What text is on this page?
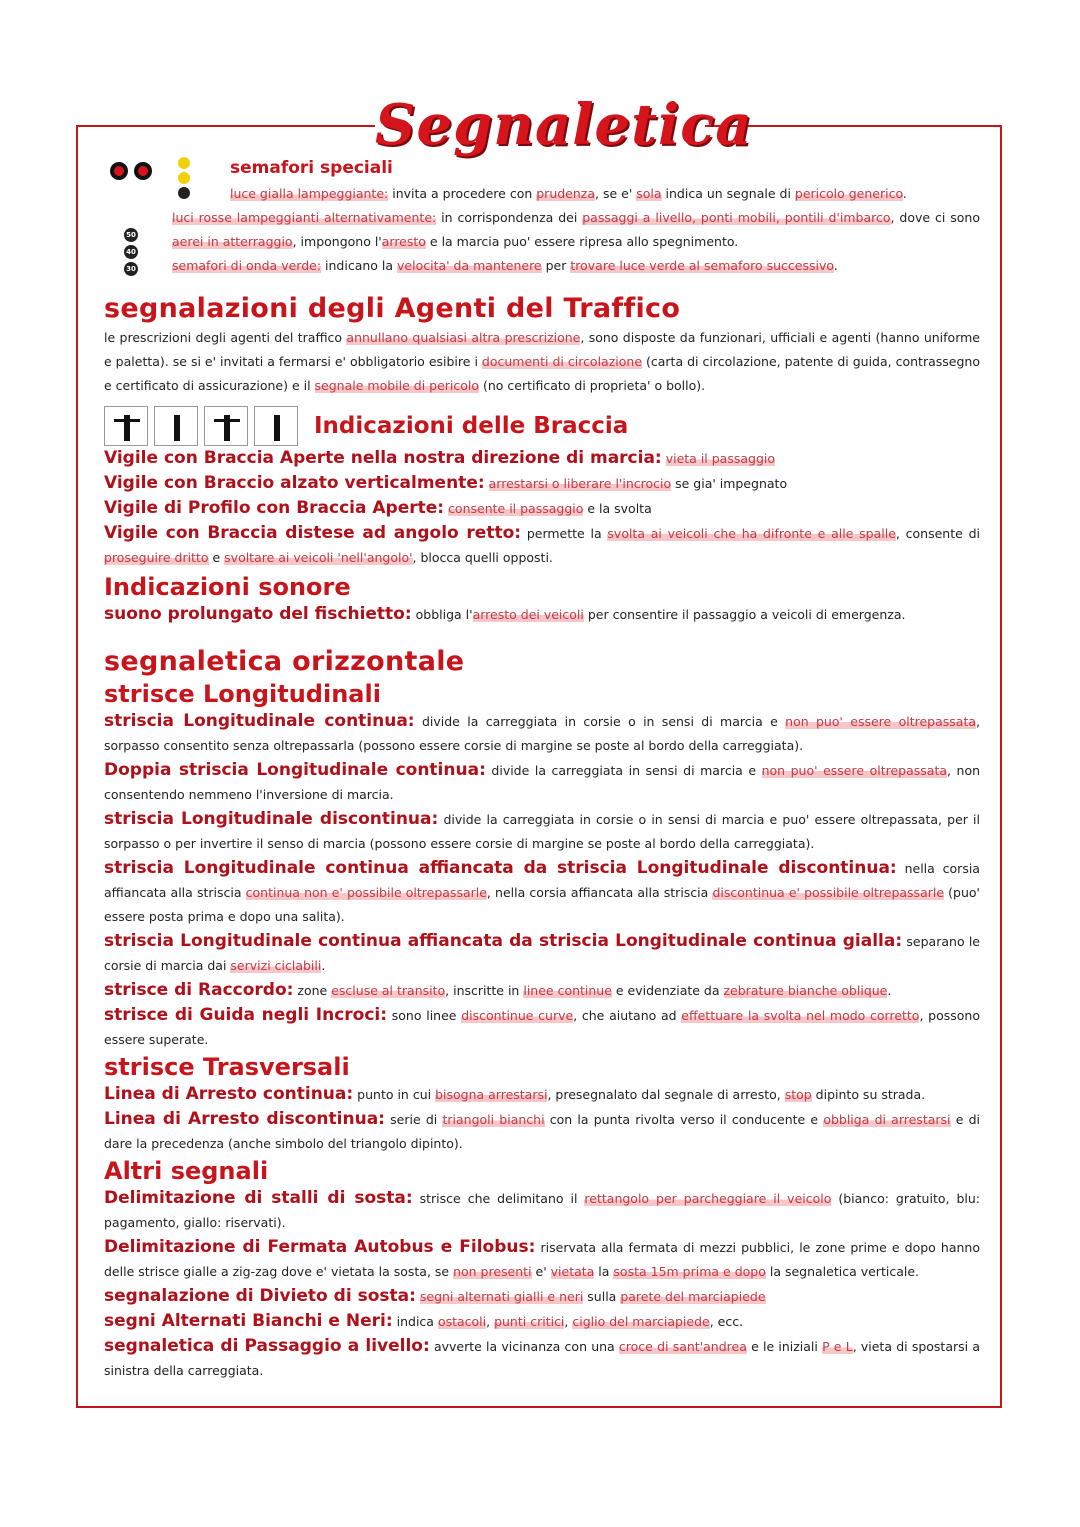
Segnaletica
50
40
30
semafori speciali
luce gialla lampeggiante: invita a procedere con prudenza, se e' sola indica un segnale di pericolo generico.
luci rosse lampeggianti alternativamente: in corrispondenza dei passaggi a livello, ponti mobili, pontili d'imbarco, dove ci sono aerei in atterraggio, impongono l'arresto e la marcia puo' essere ripresa allo spegnimento.
semafori di onda verde: indicano la velocita' da mantenere per trovare luce verde al semaforo successivo.
segnalazioni degli Agenti del Traffico
le prescrizioni degli agenti del traffico annullano qualsiasi altra prescrizione, sono disposte da funzionari, ufficiali e agenti (hanno uniforme e paletta). se si e' invitati a fermarsi e' obbligatorio esibire i documenti di circolazione (carta di circolazione, patente di guida, contrassegno e certificato di assicurazione) e il segnale mobile di pericolo (no certificato di proprieta' o bollo).
Indicazioni delle Braccia
Vigile con Braccia Aperte nella nostra direzione di marcia: vieta il passaggio
Vigile con Braccio alzato verticalmente: arrestarsi o liberare l'incrocio se gia' impegnato
Vigile di Profilo con Braccia Aperte: consente il passaggio e la svolta
Vigile con Braccia distese ad angolo retto: permette la svolta ai veicoli che ha difronte e alle spalle, consente di proseguire dritto e svoltare ai veicoli 'nell'angolo', blocca quelli opposti.
Indicazioni sonore
suono prolungato del fischietto: obbliga l'arresto dei veicoli per consentire il passaggio a veicoli di emergenza.
segnaletica orizzontale
strisce Longitudinali
striscia Longitudinale continua: divide la carreggiata in corsie o in sensi di marcia e non puo' essere oltrepassata, sorpasso consentito senza oltrepassarla (possono essere corsie di margine se poste al bordo della carreggiata).
Doppia striscia Longitudinale continua: divide la carreggiata in sensi di marcia e non puo' essere oltrepassata, non consentendo nemmeno l'inversione di marcia.
striscia Longitudinale discontinua: divide la carreggiata in corsie o in sensi di marcia e puo' essere oltrepassata, per il sorpasso o per invertire il senso di marcia (possono essere corsie di margine se poste al bordo della carreggiata).
striscia Longitudinale continua affiancata da striscia Longitudinale discontinua: nella corsia affiancata alla striscia continua non e' possibile oltrepassarle, nella corsia affiancata alla striscia discontinua e' possibile oltrepassarle (puo' essere posta prima e dopo una salita).
striscia Longitudinale continua affiancata da striscia Longitudinale continua gialla: separano le corsie di marcia dai servizi ciclabili.
strisce di Raccordo: zone escluse al transito, inscritte in linee continue e evidenziate da zebrature bianche oblique.
strisce di Guida negli Incroci: sono linee discontinue curve, che aiutano ad effettuare la svolta nel modo corretto, possono essere superate.
strisce Trasversali
Linea di Arresto continua: punto in cui bisogna arrestarsi, presegnalato dal segnale di arresto, stop dipinto su strada.
Linea di Arresto discontinua: serie di triangoli bianchi con la punta rivolta verso il conducente e obbliga di arrestarsi e di dare la precedenza (anche simbolo del triangolo dipinto).
Altri segnali
Delimitazione di stalli di sosta: strisce che delimitano il rettangolo per parcheggiare il veicolo (bianco: gratuito, blu: pagamento, giallo: riservati).
Delimitazione di Fermata Autobus e Filobus: riservata alla fermata di mezzi pubblici, le zone prime e dopo hanno delle strisce gialle a zig-zag dove e' vietata la sosta, se non presenti e' vietata la sosta 15m prima e dopo la segnaletica verticale.
segnalazione di Divieto di sosta: segni alternati gialli e neri sulla parete del marciapiede
segni Alternati Bianchi e Neri: indica ostacoli, punti critici, ciglio del marciapiede, ecc.
segnaletica di Passaggio a livello: avverte la vicinanza con una croce di sant'andrea e le iniziali P e L, vieta di spostarsi a sinistra della carreggiata.
